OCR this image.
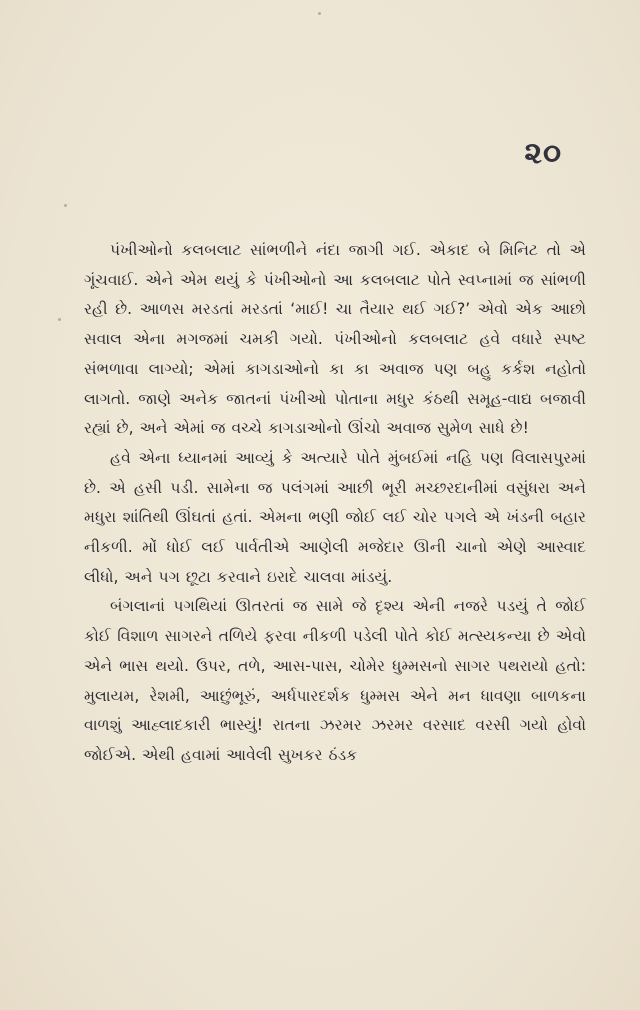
૨૦

પંખીઓનો કલબલાટ સાંભળીને નંદા જાગી ગઈ. એકાદ બે મિનિટ તો એ ગૂંચવાઈ. એને એમ થયું કે પંખીઓનો આ કલબલાટ પોતે સ્વપ્નામાં જ સાંભળી રહી છે. આળસ મરડતાં મરડતાં ‘માઈ! ચા તૈયાર થઈ ગઈ?’ એવો એક આછો સવાલ એના મગજમાં ચમકી ગયો. પંખીઓનો કલબલાટ હવે વધારે સ્પષ્ટ સંભળાવા લાગ્યો; એમાં કાગડાઓનો કા કા અવાજ પણ બહુ કર્કશ નહોતો લાગતો. જાણે અનેક જાતનાં પંખીઓ પોતાના મધુર કંઠથી સમૂહ-વાદ્ય બજાવી રહ્યાં છે, અને એમાં જ વચ્ચે કાગડાઓનો ઊંચો અવાજ સુમેળ સાધે છે!

હવે એના ધ્યાનમાં આવ્યું કે અત્યારે પોતે મુંબઈમાં નહિ પણ વિલાસપુરમાં છે. એ હસી પડી. સામેના જ પલંગમાં આછી ભૂરી મચ્છરદાનીમાં વસુંધરા અને મધુરા શાંતિથી ઊંઘતાં હતાં. એમના ભણી જોઈ લઈ ચોર પગલે એ ખંડની બહાર નીકળી. મોં ધોઈ લઈ પાર્વતીએ આણેલી મજેદાર ઊની ચાનો એણે આસ્વાદ લીધો, અને પગ છૂટા કરવાને ઇરાદે ચાલવા માંડયું.

બંગલાનાં પગથિયાં ઊતરતાં જ સામે જે દૃશ્ય એની નજરે પડયું તે જોઈ કોઈ વિશાળ સાગરને તળિયે ફરવા નીકળી પડેલી પોતે કોઈ મત્સ્યકન્યા છે એવો એને ભાસ થયો. ઉપર, તળે, આસ-પાસ, ચોમેર ધુમ્મસનો સાગર પથરાયો હતો: મુલાયમ, રેશમી, આછુંભૂરું, અર્ધપારદર્શક ધુમ્મસ એને મન ધાવણા બાળકના વાળશું આહ્લાદકારી ભાસ્યું! રાતના ઝરમર ઝરમર વરસાદ વરસી ગયો હોવો જોઈએ. એથી હવામાં આવેલી સુખકર ઠંડક
